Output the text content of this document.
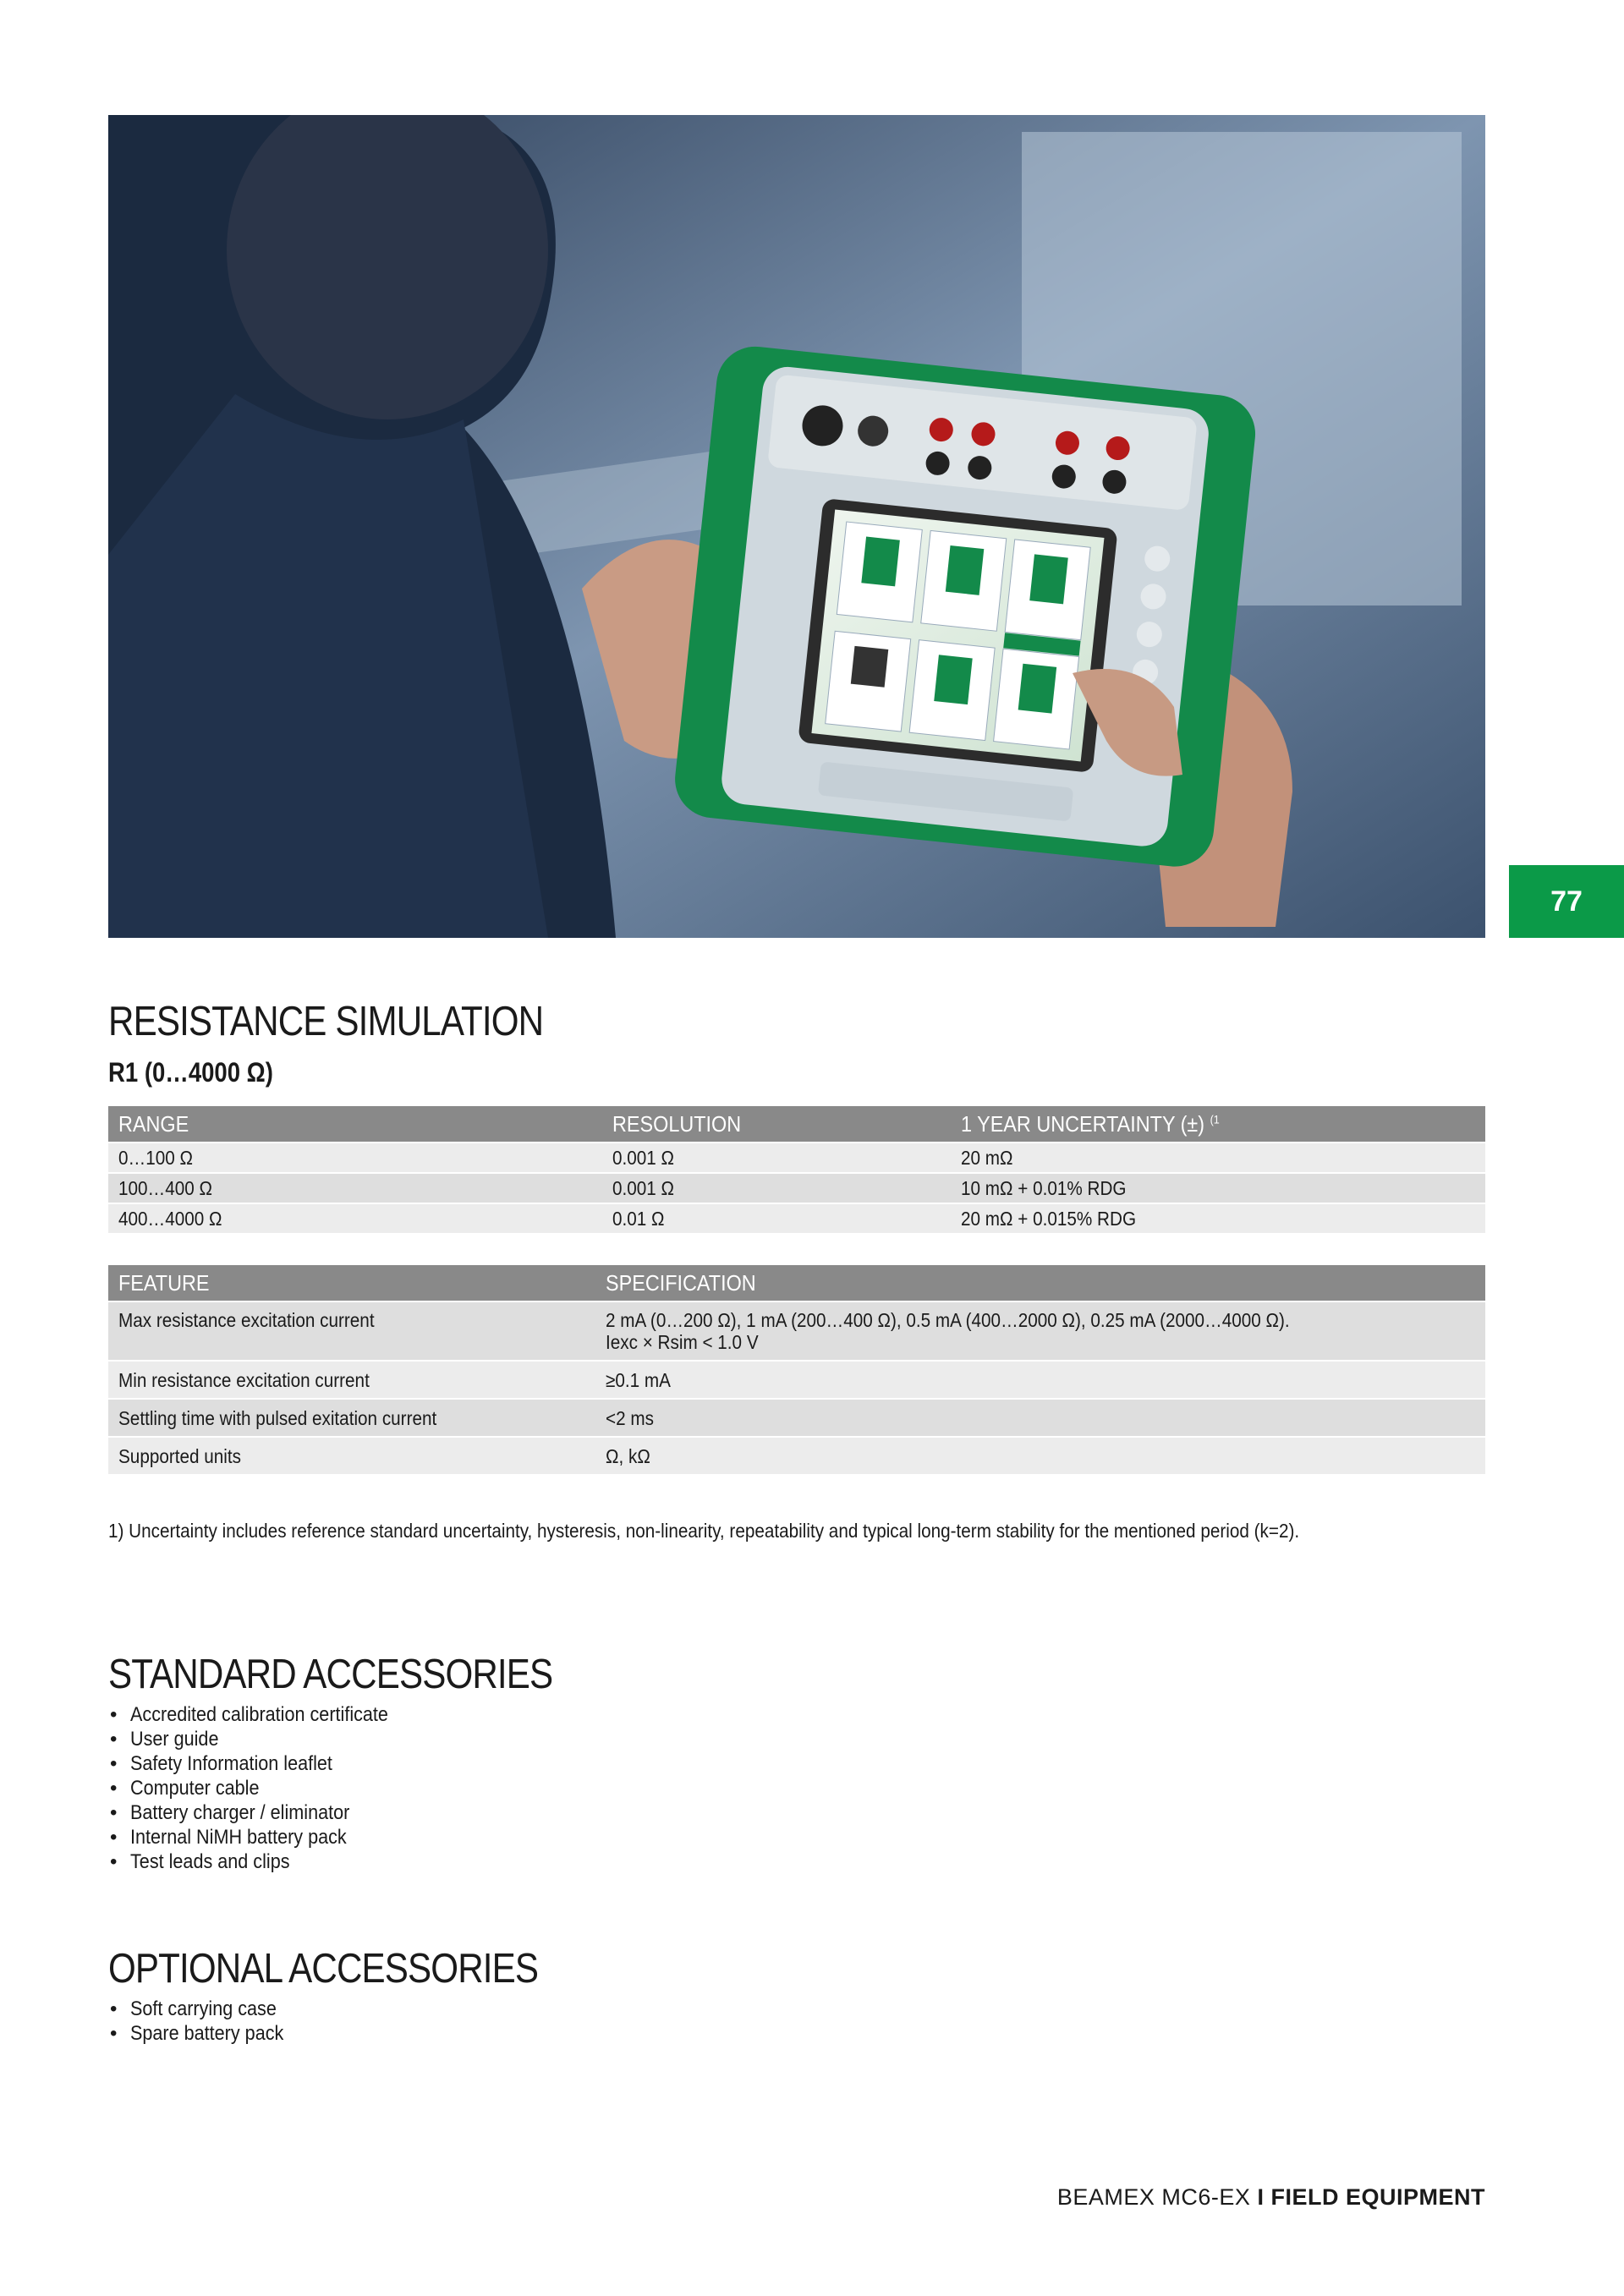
77
RESISTANCE SIMULATION
R1 (0…4000 Ω)
RANGE	RESOLUTION	1 YEAR UNCERTAINTY (±) $^{(1}$
0…100 Ω	0.001 Ω	20 mΩ
100…400 Ω	0.001 Ω	10 mΩ + 0.01% RDG
400…4000 Ω	0.01 Ω	20 mΩ + 0.015% RDG
FEATURE	SPECIFICATION
Max resistance excitation current	2 mA (0…200 Ω), 1 mA (200…400 Ω), 0.5 mA (400…2000 Ω), 0.25 mA (2000…4000 Ω).
Iexc × Rsim < 1.0 V
Min resistance excitation current	≥0.1 mA
Settling time with pulsed exitation current	<2 ms
Supported units	Ω, kΩ
1) Uncertainty includes reference standard uncertainty, hysteresis, non-linearity, repeatability and typical long-term stability for the mentioned period (k=2).
STANDARD ACCESSORIES
• Accredited calibration certificate
• User guide
• Safety Information leaflet
• Computer cable
• Battery charger / eliminator
• Internal NiMH battery pack
• Test leads and clips
OPTIONAL ACCESSORIES
• Soft carrying case
• Spare battery pack
BEAMEX MC6-EX I FIELD EQUIPMENT
